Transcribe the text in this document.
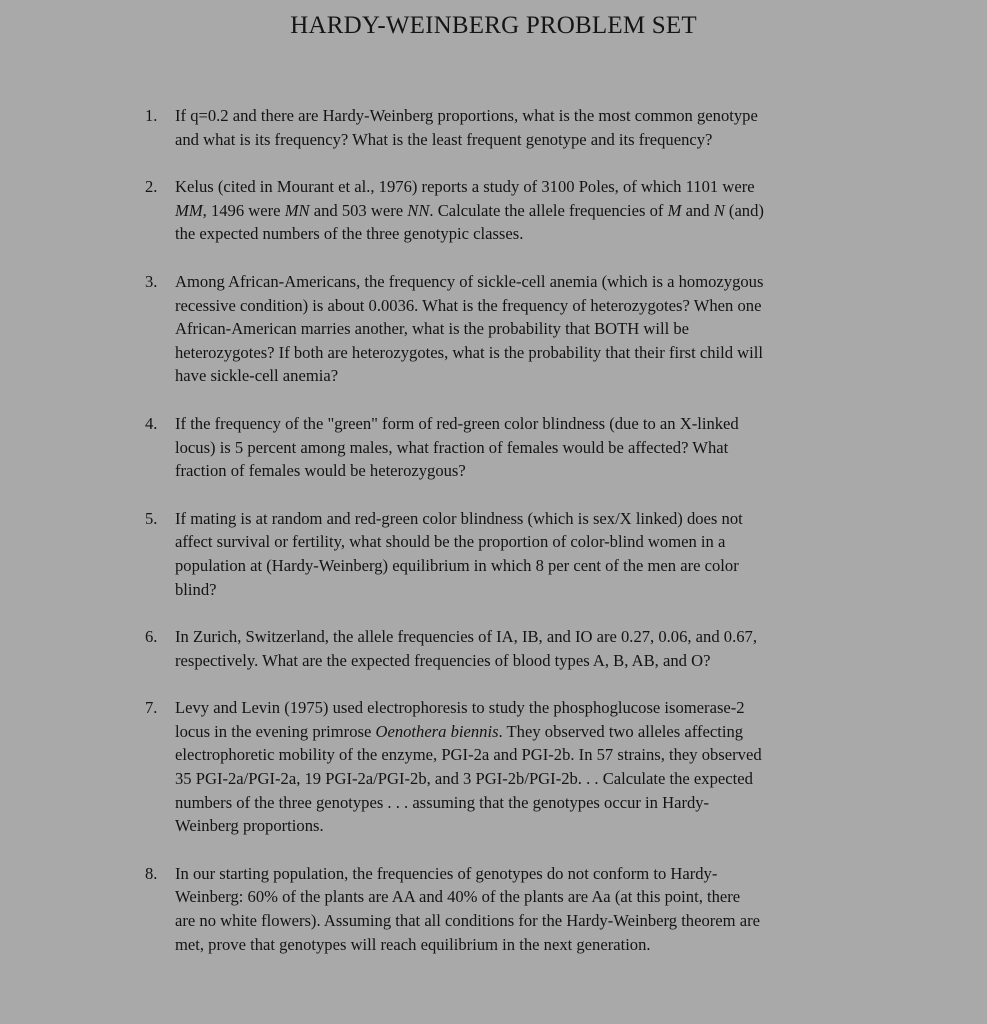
HARDY-WEINBERG PROBLEM SET
1. If q=0.2 and there are Hardy-Weinberg proportions, what is the most common genotype
and what is its frequency? What is the least frequent genotype and its frequency?

2. Kelus (cited in Mourant et al., 1976) reports a study of 3100 Poles, of which 1101 were
MM, 1496 were MN and 503 were NN. Calculate the allele frequencies of M and N (and)
the expected numbers of the three genotypic classes.

3. Among African-Americans, the frequency of sickle-cell anemia (which is a homozygous
recessive condition) is about 0.0036. What is the frequency of heterozygotes? When one
African-American marries another, what is the probability that BOTH will be
heterozygotes? If both are heterozygotes, what is the probability that their first child will
have sickle-cell anemia?

4. If the frequency of the "green" form of red-green color blindness (due to an X-linked
locus) is 5 percent among males, what fraction of females would be affected? What
fraction of females would be heterozygous?

5. If mating is at random and red-green color blindness (which is sex/X linked) does not
affect survival or fertility, what should be the proportion of color-blind women in a
population at (Hardy-Weinberg) equilibrium in which 8 per cent of the men are color
blind?

6. In Zurich, Switzerland, the allele frequencies of IA, IB, and IO are 0.27, 0.06, and 0.67,
respectively. What are the expected frequencies of blood types A, B, AB, and O?

7. Levy and Levin (1975) used electrophoresis to study the phosphoglucose isomerase-2
locus in the evening primrose Oenothera biennis. They observed two alleles affecting
electrophoretic mobility of the enzyme, PGI-2a and PGI-2b. In 57 strains, they observed
35 PGI-2a/PGI-2a, 19 PGI-2a/PGI-2b, and 3 PGI-2b/PGI-2b. . . Calculate the expected
numbers of the three genotypes . . . assuming that the genotypes occur in Hardy-
Weinberg proportions.

8. In our starting population, the frequencies of genotypes do not conform to Hardy-
Weinberg: 60% of the plants are AA and 40% of the plants are Aa (at this point, there
are no white flowers). Assuming that all conditions for the Hardy-Weinberg theorem are
met, prove that genotypes will reach equilibrium in the next generation.
